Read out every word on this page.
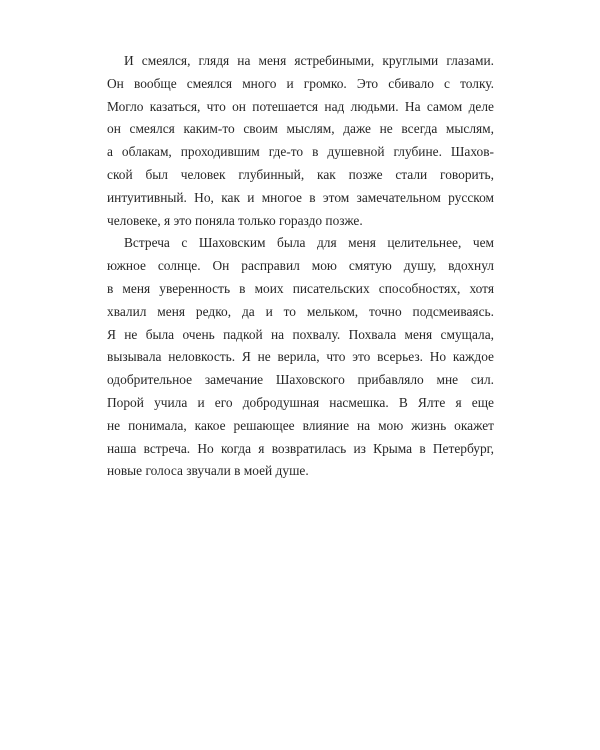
И смеялся, глядя на меня ястребиными, круглыми глазами.
Он вообще смеялся много и громко. Это сбивало с толку.
Могло казаться, что он потешается над людьми. На самом деле
он смеялся каким-то своим мыслям, даже не всегда мыслям,
а облакам, проходившим где-то в душевной глубине. Шахов-
ской был человек глубинный, как позже стали говорить,
интуитивный. Но, как и многое в этом замечательном русском
человеке, я это поняла только гораздо позже.

Встреча с Шаховским была для меня целительнее, чем
южное солнце. Он расправил мою смятую душу, вдохнул
в меня уверенность в моих писательских способностях, хотя
хвалил меня редко, да и то мельком, точно подсмеиваясь.
Я не была очень падкой на похвалу. Похвала меня смущала,
вызывала неловкость. Я не верила, что это всерьез. Но каждое
одобрительное замечание Шаховского прибавляло мне сил.
Порой учила и его добродушная насмешка. В Ялте я еще
не понимала, какое решающее влияние на мою жизнь окажет
наша встреча. Но когда я возвратилась из Крыма в Петербург,
новые голоса звучали в моей душе.
